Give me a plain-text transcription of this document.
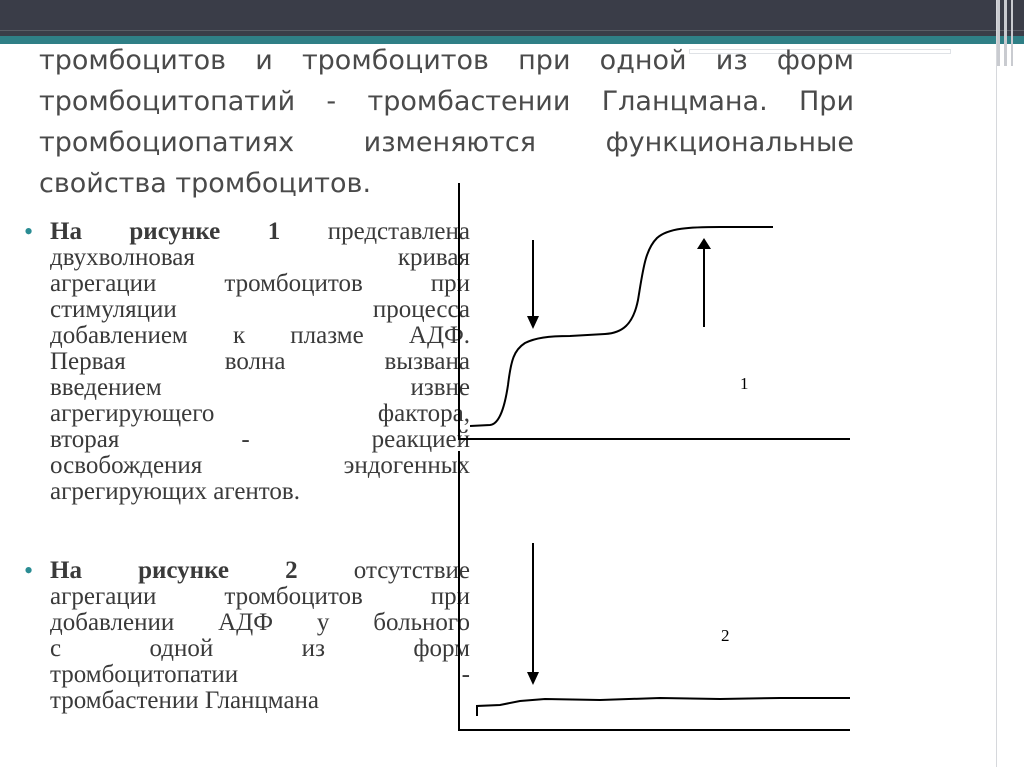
тромбоцитов и тромбоцитов при одной из форм
тромбоцитопатий - тромбастении Гланцмана. При
тромбоциопатиях изменяются функциональные
свойства тромбоцитов.
• На рисунке 1 представлена
двухволновая кривая
агрегации тромбоцитов при
стимуляции процесса
добавлением к плазме АДФ.
Первая волна вызвана
введением извне
агрегирующего фактора,
вторая - реакцией
освобождения эндогенных
агрегирующих агентов.
• На рисунке 2 отсутствие
агрегации тромбоцитов при
добавлении АДФ у больного
с одной из форм
тромбоцитопатии -
тромбастении Гланцмана
1
2
